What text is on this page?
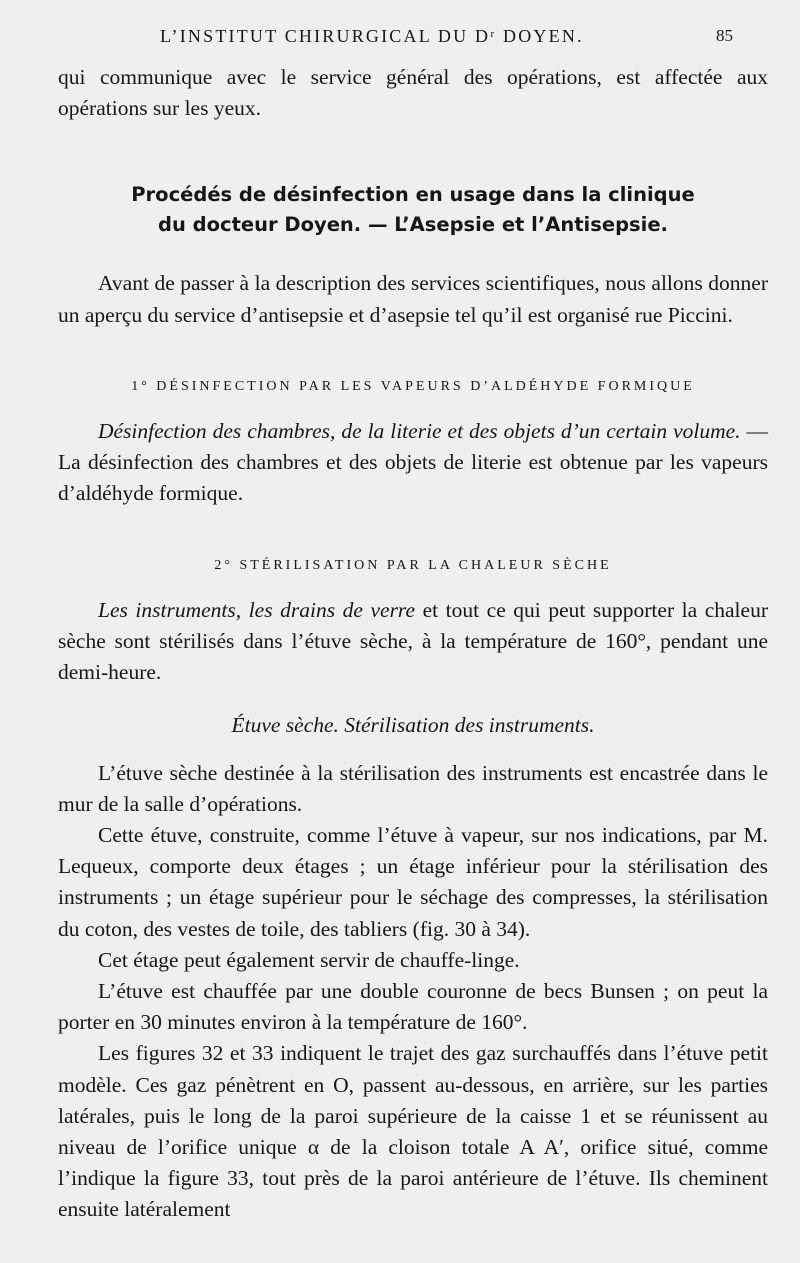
L’INSTITUT CHIRURGICAL DU Dʳ DOYEN.	85

qui communique avec le service général des opérations, est affectée aux opérations sur les yeux.

Procédés de désinfection en usage dans la clinique
du docteur Doyen. — L’Asepsie et l’Antisepsie.

Avant de passer à la description des services scientifiques, nous allons donner un aperçu du service d’antisepsie et d’asepsie tel qu’il est organisé rue Piccini.

1° DÉSINFECTION PAR LES VAPEURS D’ALDÉHYDE FORMIQUE

Désinfection des chambres, de la literie et des objets d’un certain volume. — La désinfection des chambres et des objets de literie est obtenue par les vapeurs d’aldéhyde formique.

2° STÉRILISATION PAR LA CHALEUR SÈCHE

Les instruments, les drains de verre et tout ce qui peut supporter la chaleur sèche sont stérilisés dans l’étuve sèche, à la température de 160°, pendant une demi-heure.

Étuve sèche. Stérilisation des instruments.

L’étuve sèche destinée à la stérilisation des instruments est encastrée dans le mur de la salle d’opérations.

Cette étuve, construite, comme l’étuve à vapeur, sur nos indications, par M. Lequeux, comporte deux étages ; un étage inférieur pour la stérilisation des instruments ; un étage supérieur pour le séchage des compresses, la stérilisation du coton, des vestes de toile, des tabliers (fig. 30 à 34).

Cet étage peut également servir de chauffe-linge.

L’étuve est chauffée par une double couronne de becs Bunsen ; on peut la porter en 30 minutes environ à la température de 160°.

Les figures 32 et 33 indiquent le trajet des gaz surchauffés dans l’étuve petit modèle. Ces gaz pénètrent en O, passent au-dessous, en arrière, sur les parties latérales, puis le long de la paroi supérieure de la caisse 1 et se réunissent au niveau de l’orifice unique α de la cloison totale A A′, orifice situé, comme l’indique la figure 33, tout près de la paroi antérieure de l’étuve. Ils cheminent ensuite latéralement
